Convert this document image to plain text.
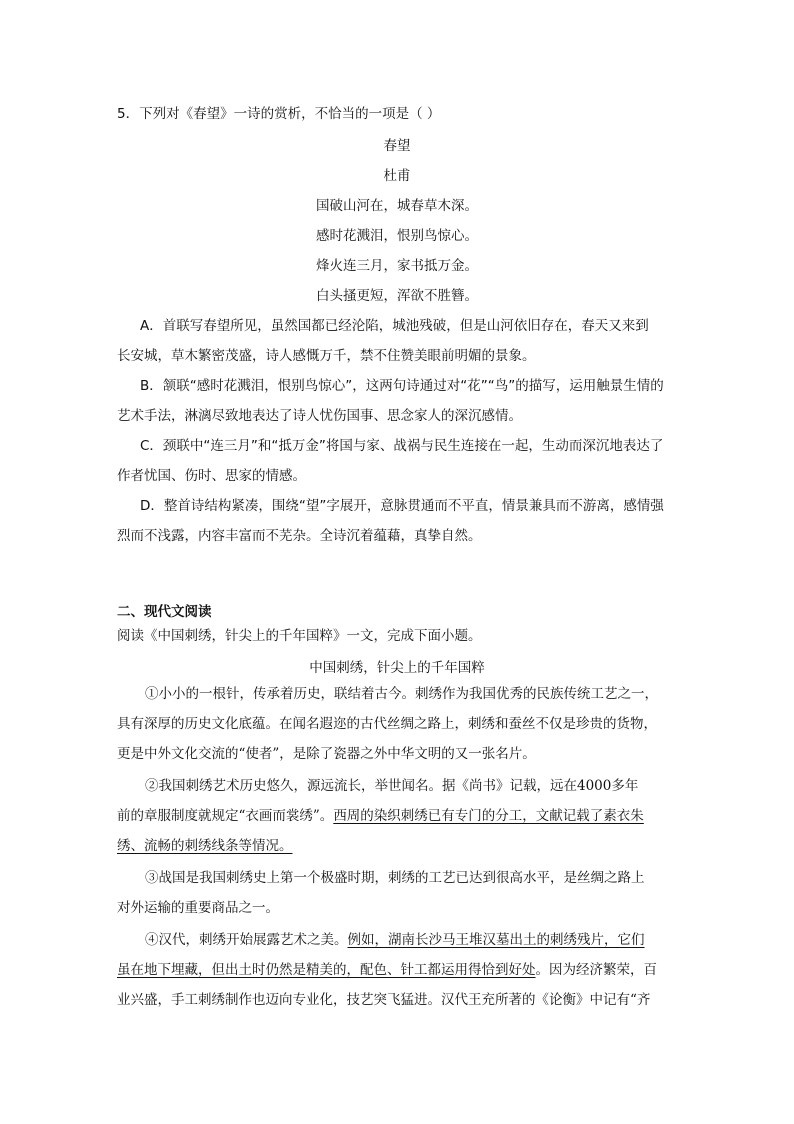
5．下列对《春望》一诗的赏析，不恰当的一项是（ ）
春望
杜甫
国破山河在，城春草木深。
感时花溅泪，恨别鸟惊心。
烽火连三月，家书抵万金。
白头搔更短，浑欲不胜簪。
A．首联写春望所见，虽然国都已经沦陷，城池残破，但是山河依旧存在，春天又来到
长安城，草木繁密茂盛，诗人感慨万千，禁不住赞美眼前明媚的景象。
B．颔联“感时花溅泪，恨别鸟惊心”，这两句诗通过对“花”“鸟”的描写，运用触景生情的
艺术手法，淋漓尽致地表达了诗人忧伤国事、思念家人的深沉感情。
C．颈联中“连三月”和“抵万金”将国与家、战祸与民生连接在一起，生动而深沉地表达了
作者忧国、伤时、思家的情感。
D．整首诗结构紧凑，围绕“望”字展开，意脉贯通而不平直，情景兼具而不游离，感情强
烈而不浅露，内容丰富而不芜杂。全诗沉着蕴藉，真挚自然。
二、现代文阅读
阅读《中国刺绣，针尖上的千年国粹》一文，完成下面小题。
中国刺绣，针尖上的千年国粹
①小小的一根针，传承着历史，联结着古今。刺绣作为我国优秀的民族传统工艺之一，
具有深厚的历史文化底蕴。在闻名遐迩的古代丝绸之路上，刺绣和蚕丝不仅是珍贵的货物，
更是中外文化交流的“使者”，是除了瓷器之外中华文明的又一张名片。
②我国刺绣艺术历史悠久，源远流长，举世闻名。据《尚书》记载，远在4000多年
前的章服制度就规定“衣画而裳绣”。西周的染织刺绣已有专门的分工，文献记载了素衣朱
绣、流畅的刺绣线条等情况。
③战国是我国刺绣史上第一个极盛时期，刺绣的工艺已达到很高水平，是丝绸之路上
对外运输的重要商品之一。
④汉代，刺绣开始展露艺术之美。例如，湖南长沙马王堆汉墓出土的刺绣残片，它们
虽在地下埋藏，但出土时仍然是精美的，配色、针工都运用得恰到好处。因为经济繁荣，百
业兴盛，手工刺绣制作也迈向专业化，技艺突飞猛进。汉代王充所著的《论衡》中记有“齐
